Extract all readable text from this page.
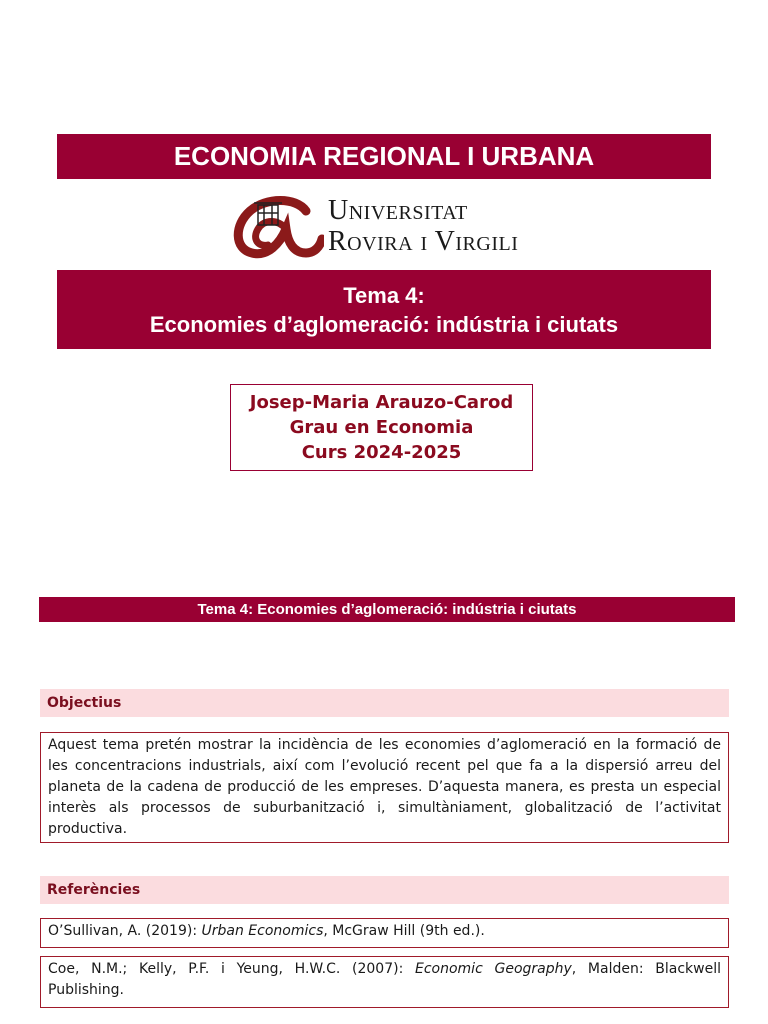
ECONOMIA REGIONAL I URBANA
Universitat
Rovira i Virgili
Tema 4:
Economies d’aglomeració: indústria i ciutats
Josep-Maria Arauzo-Carod
Grau en Economia
Curs 2024-2025
Tema 4: Economies d’aglomeració: indústria i ciutats
Objectius
Aquest tema pretén mostrar la incidència de les economies d’aglomeració en la formació de les concentracions industrials, així com l’evolució recent pel que fa a la dispersió arreu del planeta de la cadena de producció de les empreses. D’aquesta manera, es presta un especial interès als processos de suburbanització i, simultàniament, globalització de l’activitat productiva.
Referències
O’Sullivan, A. (2019): Urban Economics, McGraw Hill (9th ed.).
Coe, N.M.; Kelly, P.F. i Yeung, H.W.C. (2007): Economic Geography, Malden: Blackwell Publishing.
